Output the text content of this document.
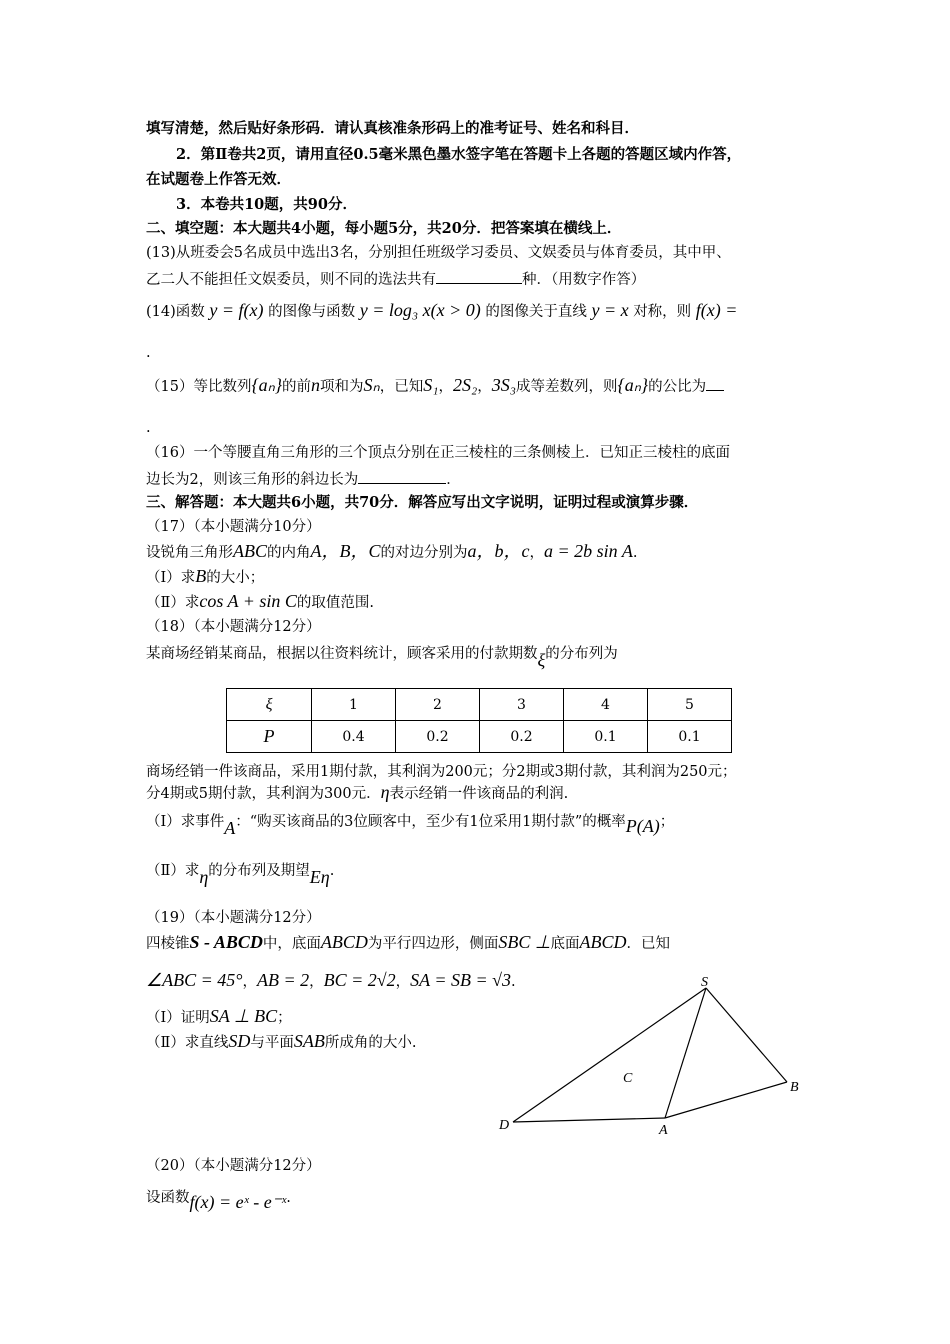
填写清楚，然后贴好条形码．请认真核准条形码上的准考证号、姓名和科目．
2．第Ⅱ卷共2页，请用直径0.5毫米黑色墨水签字笔在答题卡上各题的答题区域内作答，
在试题卷上作答无效．
3．本卷共10题，共90分．
二、填空题：本大题共4小题，每小题5分，共20分．把答案填在横线上．
(13)从班委会5名成员中选出3名，分别担任班级学习委员、文娱委员与体育委员，其中甲、
乙二人不能担任文娱委员，则不同的选法共有	种．（用数字作答）
(14)函数 y = f(x) 的图像与函数 y = log₃ x(x > 0) 的图像关于直线 y = x 对称，则 f(x) =
.
（15）等比数列{aₙ}的前n项和为Sₙ，已知S₁，2S₂，3S₃成等差数列，则{aₙ}的公比为
.
（16）一个等腰直角三角形的三个顶点分别在正三棱柱的三条侧棱上．已知正三棱柱的底面
边长为2，则该三角形的斜边长为	．
三、解答题：本大题共6小题，共70分．解答应写出文字说明，证明过程或演算步骤．
（17）（本小题满分10分）
设锐角三角形ABC的内角A，B，C的对边分别为a，b，c，a = 2b sin A.
（Ⅰ）求B的大小；
（Ⅱ）求cos A + sin C的取值范围.
（18）（本小题满分12分）
某商场经销某商品，根据以往资料统计，顾客采用的付款期数ξ的分布列为
ξ	1	2	3	4	5
P	0.4	0.2	0.2	0.1	0.1
商场经销一件该商品，采用1期付款，其利润为200元；分2期或3期付款，其利润为250元；
分4期或5期付款，其利润为300元．η表示经销一件该商品的利润.
（Ⅰ）求事件A：“购买该商品的3位顾客中，至少有1位采用1期付款”的概率P(A)；
（Ⅱ）求η的分布列及期望Eη.
（19）（本小题满分12分）
四棱锥S - ABCD中，底面ABCD为平行四边形，侧面SBC ⊥底面ABCD．已知
∠ABC = 45°，AB = 2，BC = 2√2，SA = SB = √3.
（Ⅰ）证明SA ⊥ BC；
（Ⅱ）求直线SD与平面SAB所成角的大小.
S
B
C
D	A
（20）（本小题满分12分）
设函数f(x) = eˣ - e⁻ˣ.
